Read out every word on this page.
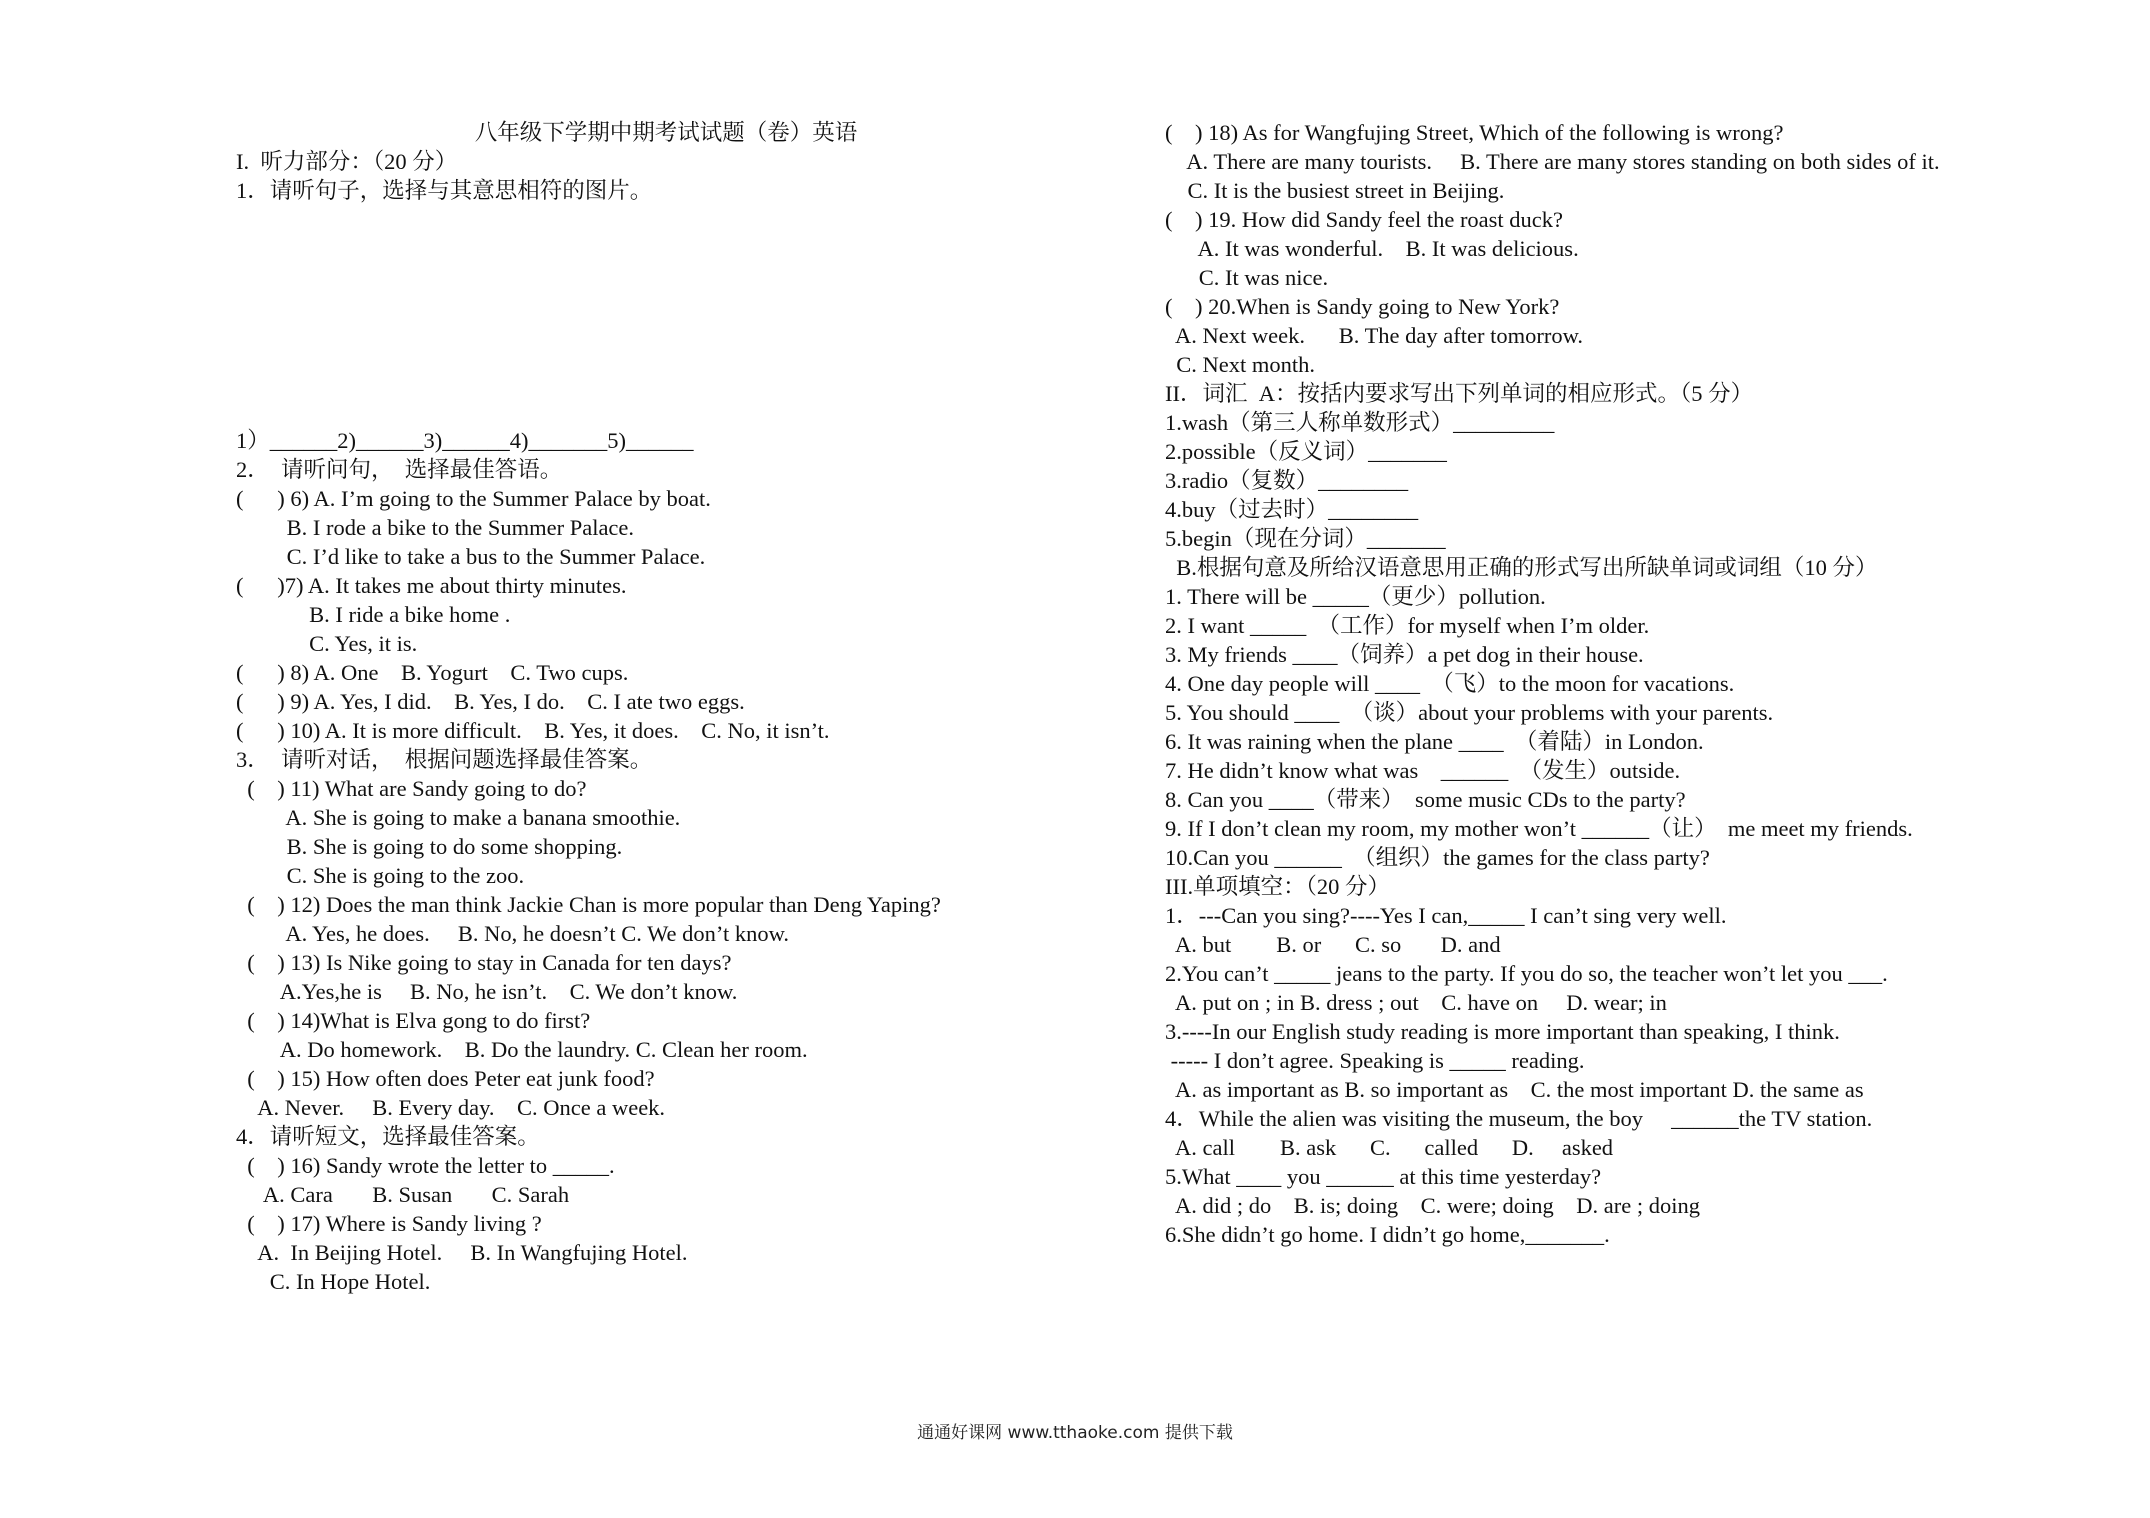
八年级下学期中期考试试题（卷）英语
I.  听力部分：（20 分）
1．请听句子，选择与其意思相符的图片。
1）______2)______3)______4)_______5)______
2．  请听问句，  选择最佳答语。
(      ) 6) A. I’m going to the Summer Palace by boat.
B. I rode a bike to the Summer Palace.
C. I’d like to take a bus to the Summer Palace.
(      )7) A. It takes me about thirty minutes.
B. I ride a bike home .
C. Yes, it is.
(      ) 8) A. One    B. Yogurt    C. Two cups.
(      ) 9) A. Yes, I did.    B. Yes, I do.    C. I ate two eggs.
(      ) 10) A. It is more difficult.    B. Yes, it does.    C. No, it isn’t.
3．  请听对话，  根据问题选择最佳答案。
(    ) 11) What are Sandy going to do?
A. She is going to make a banana smoothie.
B. She is going to do some shopping.
C. She is going to the zoo.
(    ) 12) Does the man think Jackie Chan is more popular than Deng Yaping?
A. Yes, he does.     B. No, he doesn’t C. We don’t know.
(    ) 13) Is Nike going to stay in Canada for ten days?
A.Yes,he is     B. No, he isn’t.    C. We don’t know.
(    ) 14)What is Elva gong to do first?
A. Do homework.    B. Do the laundry. C. Clean her room.
(    ) 15) How often does Peter eat junk food?
A. Never.     B. Every day.    C. Once a week.
4．请听短文，选择最佳答案。
(    ) 16) Sandy wrote the letter to _____.
A. Cara       B. Susan       C. Sarah
(    ) 17) Where is Sandy living ?
A.  In Beijing Hotel.     B. In Wangfujing Hotel.
C. In Hope Hotel.
(    ) 18) As for Wangfujing Street, Which of the following is wrong?
A. There are many tourists.     B. There are many stores standing on both sides of it.
C. It is the busiest street in Beijing.
(    ) 19. How did Sandy feel the roast duck?
A. It was wonderful.    B. It was delicious.
C. It was nice.
(    ) 20.When is Sandy going to New York?
A. Next week.      B. The day after tomorrow.
C. Next month.
II．词汇  A：按括内要求写出下列单词的相应形式。（5 分）
1.wash（第三人称单数形式）_________
2.possible（反义词）_______
3.radio（复数）________
4.buy（过去时）________
5.begin（现在分词）_______
B.根据句意及所给汉语意思用正确的形式写出所缺单词或词组（10 分）
1. There will be _____（更少）pollution.
2. I want _____  （工作）for myself when I’m older.
3. My friends ____（饲养）a pet dog in their house.
4. One day people will ____  （飞）to the moon for vacations.
5. You should ____  （谈）about your problems with your parents.
6. It was raining when the plane ____  （着陆）in London.
7. He didn’t know what was    ______  （发生）outside.
8. Can you ____（带来）  some music CDs to the party?
9. If I don’t clean my room, my mother won’t ______（让）  me meet my friends.
10.Can you ______  （组织）the games for the class party?
III.单项填空：（20 分）
1．---Can you sing?----Yes I can,_____ I can’t sing very well.
A. but        B. or      C. so       D. and
2.You can’t _____ jeans to the party. If you do so, the teacher won’t let you ___.
A. put on ; in B. dress ; out    C. have on     D. wear; in
3.----In our English study reading is more important than speaking, I think.
----- I don’t agree. Speaking is _____ reading.
A. as important as B. so important as    C. the most important D. the same as
4．While the alien was visiting the museum, the boy     ______the TV station.
A. call        B. ask      C.      called      D.     asked
5.What ____ you ______ at this time yesterday?
A. did ; do    B. is; doing    C. were; doing    D. are ; doing
6.She didn’t go home. I didn’t go home,_______.
通通好课网 www.tthaoke.com 提供下载
